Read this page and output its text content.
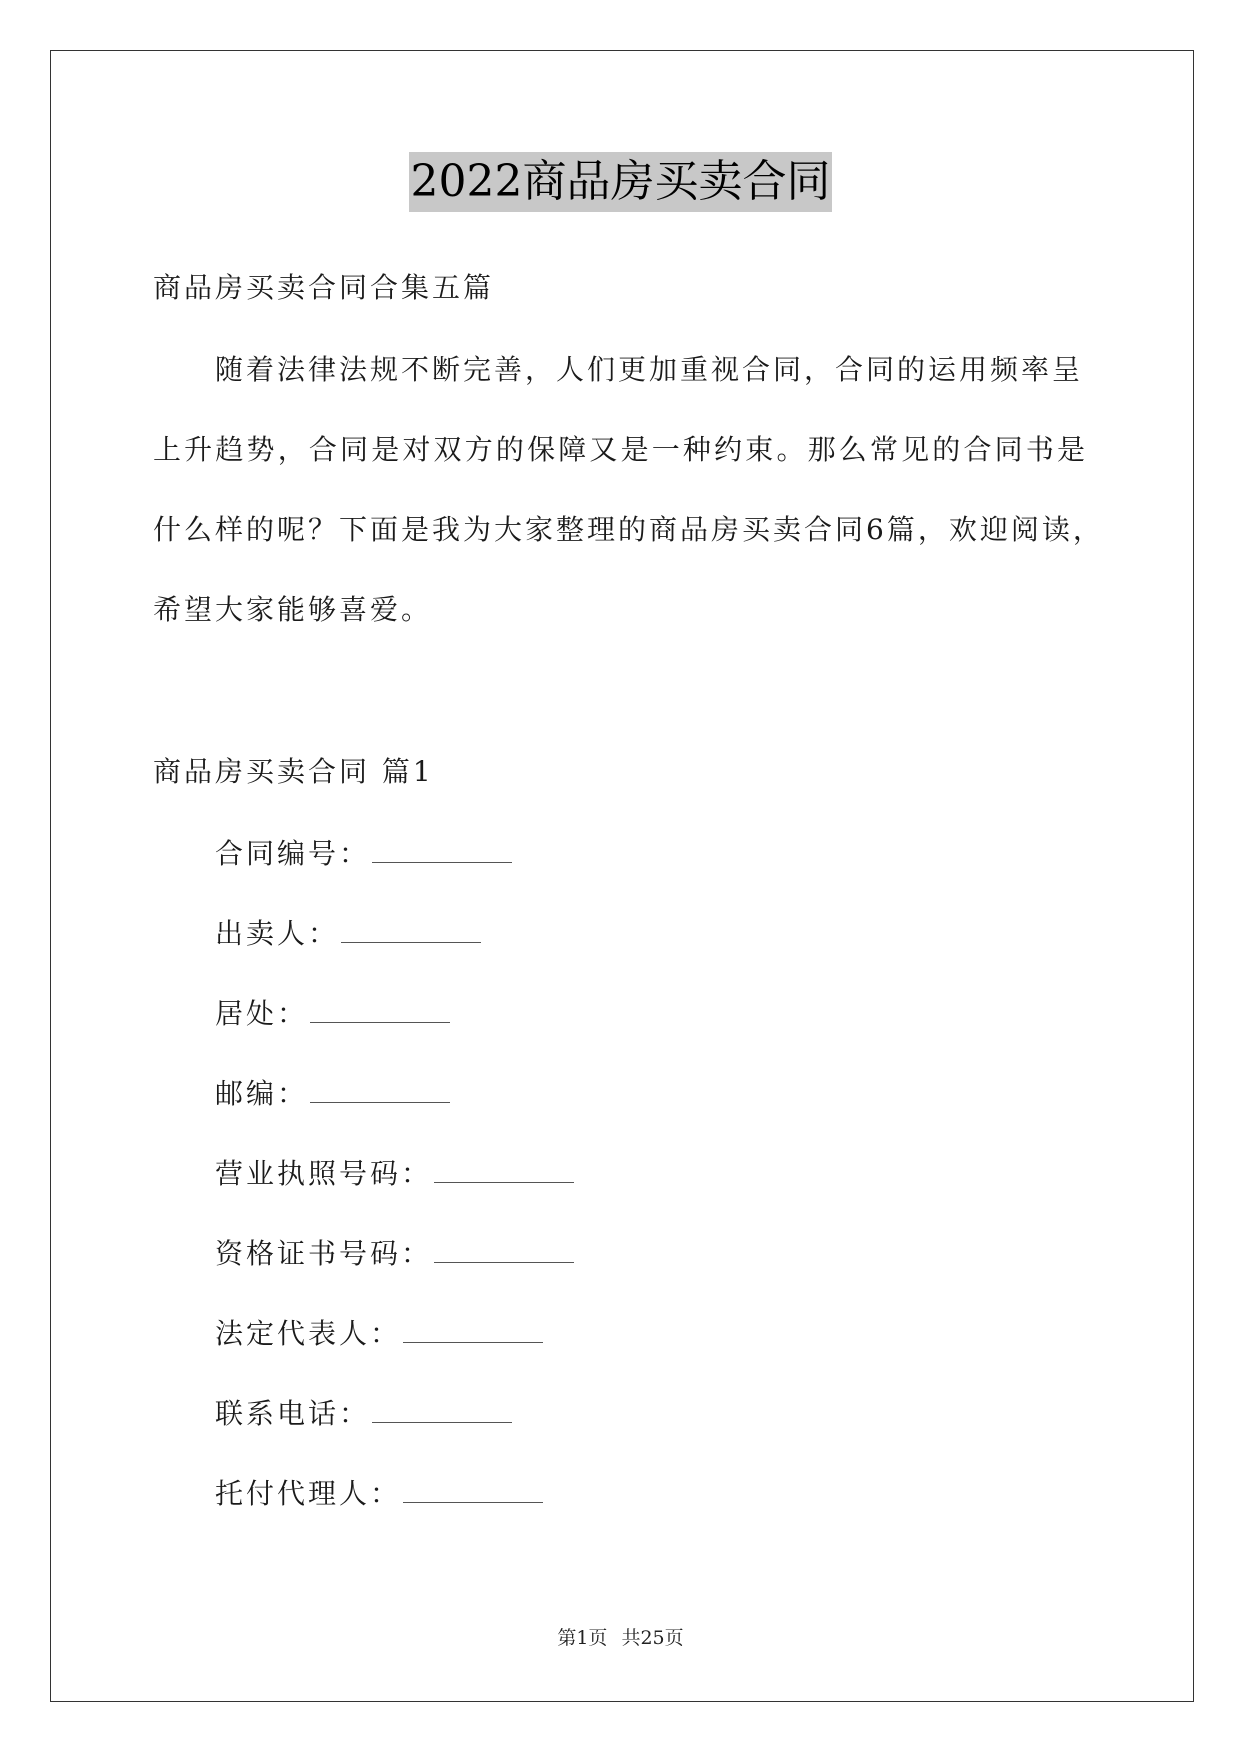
2022商品房买卖合同

商品房买卖合同合集五篇

随着法律法规不断完善，人们更加重视合同，合同的运用频率呈

上升趋势，合同是对双方的保障又是一种约束。那么常见的合同书是

什么样的呢？下面是我为大家整理的商品房买卖合同6篇，欢迎阅读，

希望大家能够喜爱。

商品房买卖合同 篇1

合同编号：
出卖人：
居处：
邮编：
营业执照号码：
资格证书号码：
法定代表人：
联系电话：
托付代理人：
第1页 共25页
